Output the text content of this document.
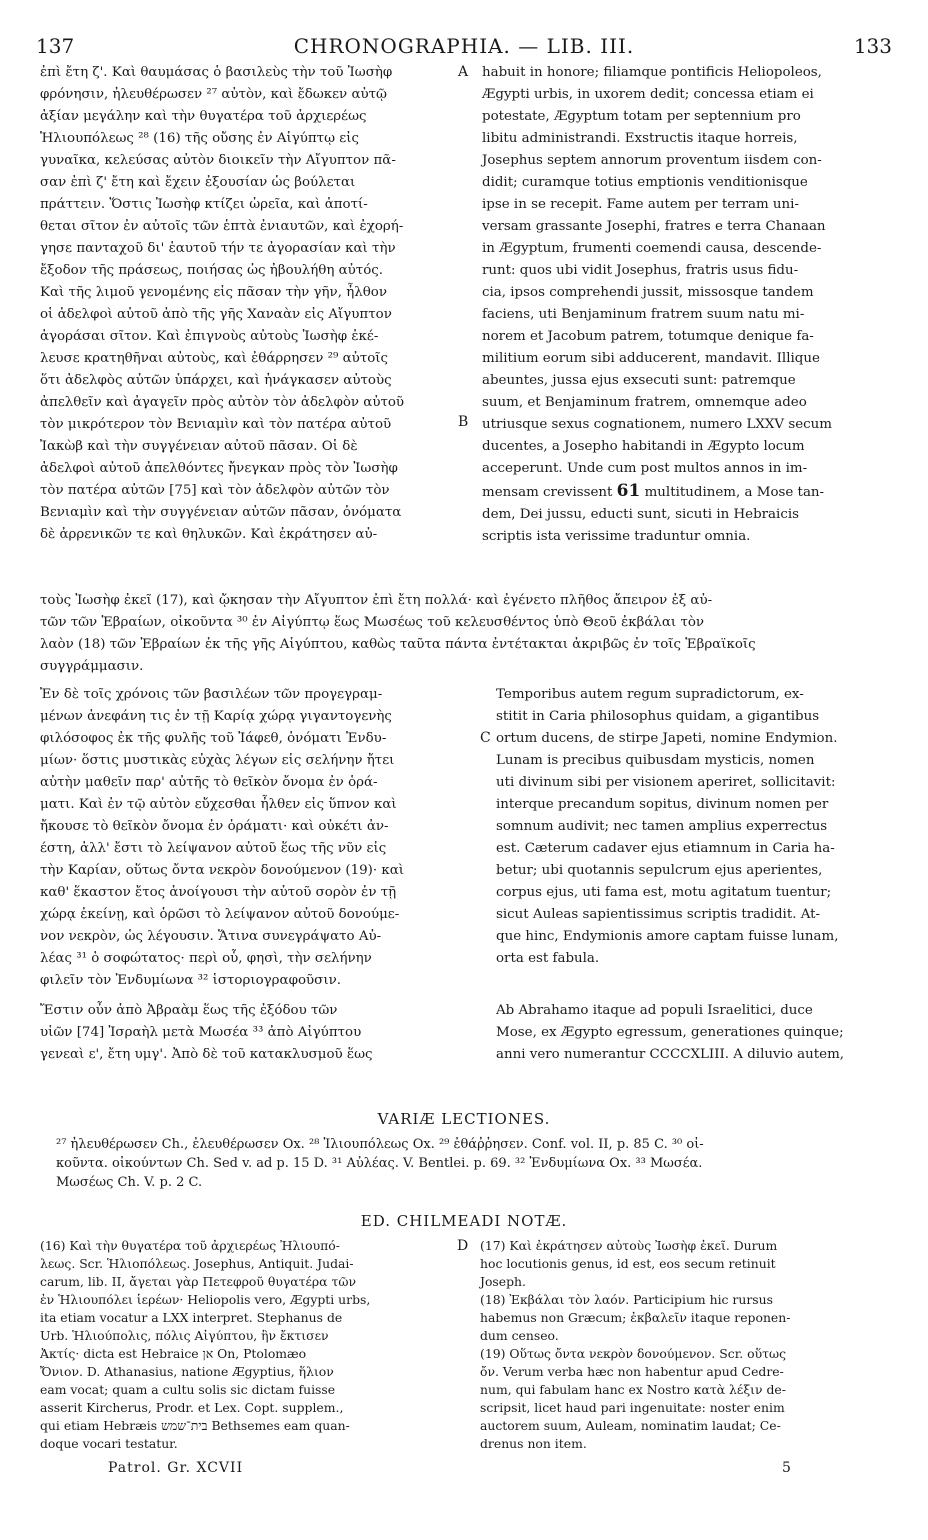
137	CHRONOGRAPHIA. — LIB. III.	133
ἐπὶ ἔτη ζ'. Καὶ θαυμάσας ὁ βασιλεὺς τὴν τοῦ Ἰωσὴφ
φρόνησιν, ἠλευθέρωσεν ²⁷ αὐτὸν, καὶ ἔδωκεν αὐτῷ
ἀξίαν μεγάλην καὶ τὴν θυγατέρα τοῦ ἀρχιερέως
Ἡλιουπόλεως ²⁸ (16) τῆς οὔσης ἐν Αἰγύπτῳ εἰς
γυναῖκα, κελεύσας αὐτὸν διοικεῖν τὴν Αἴγυπτον πᾶ-
σαν ἐπὶ ζ' ἔτη καὶ ἔχειν ἐξουσίαν ὡς βούλεται
πράττειν. Ὅστις Ἰωσὴφ κτίζει ὡρεῖα, καὶ ἀποτί-
θεται σῖτον ἐν αὐτοῖς τῶν ἑπτὰ ἐνιαυτῶν, καὶ ἐχορή-
γησε πανταχοῦ δι' ἑαυτοῦ τήν τε ἀγορασίαν καὶ τὴν
ἔξοδον τῆς πράσεως, ποιήσας ὡς ἠβουλήθη αὐτός.
Καὶ τῆς λιμοῦ γενομένης εἰς πᾶσαν τὴν γῆν, ἦλθον
οἱ ἀδελφοὶ αὐτοῦ ἀπὸ τῆς γῆς Χαναὰν εἰς Αἴγυπτον
ἀγοράσαι σῖτον. Καὶ ἐπιγνοὺς αὐτοὺς Ἰωσὴφ ἐκέ-
λευσε κρατηθῆναι αὐτοὺς, καὶ ἐθάρρησεν ²⁹ αὐτοῖς
ὅτι ἀδελφὸς αὐτῶν ὑπάρχει, καὶ ἠνάγκασεν αὐτοὺς
ἀπελθεῖν καὶ ἀγαγεῖν πρὸς αὐτὸν τὸν ἀδελφὸν αὐτοῦ
τὸν μικρότερον τὸν Βενιαμὶν καὶ τὸν πατέρα αὐτοῦ
Ἰακὼβ καὶ τὴν συγγένειαν αὐτοῦ πᾶσαν. Οἱ δὲ
ἀδελφοὶ αὐτοῦ ἀπελθόντες ἤνεγκαν πρὸς τὸν Ἰωσὴφ
τὸν πατέρα αὐτῶν [75] καὶ τὸν ἀδελφὸν αὐτῶν τὸν
Βενιαμὶν καὶ τὴν συγγένειαν αὐτῶν πᾶσαν, ὀνόματα
δὲ ἀρρενικῶν τε καὶ θηλυκῶν. Καὶ ἐκράτησεν αὐ-
habuit in honore; filiamque pontificis Heliopoleos,
Ægypti urbis, in uxorem dedit; concessa etiam ei
potestate, Ægyptum totam per septennium pro
libitu administrandi. Exstructis itaque horreis,
Josephus septem annorum proventum iisdem con-
didit; curamque totius emptionis venditionisque
ipse in se recepit. Fame autem per terram uni-
versam grassante Josephi, fratres e terra Chanaan
in Ægyptum, frumenti coemendi causa, descende-
runt: quos ubi vidit Josephus, fratris usus fidu-
cia, ipsos comprehendi jussit, missosque tandem
faciens, uti Benjaminum fratrem suum natu mi-
norem et Jacobum patrem, totumque denique fa-
militium eorum sibi adducerent, mandavit. Illique
abeuntes, jussa ejus exsecuti sunt: patremque
suum, et Benjaminum fratrem, omnemque adeo
utriusque sexus cognationem, numero LXXV secum
ducentes, a Josepho habitandi in Ægypto locum
acceperunt. Unde cum post multos annos in im-
mensam crevissent 61 multitudinem, a Mose tan-
dem, Dei jussu, educti sunt, sicuti in Hebraicis
scriptis ista verissime traduntur omnia.
A
B
C
D
τοὺς Ἰωσὴφ ἐκεῖ (17), καὶ ᾤκησαν τὴν Αἴγυπτον ἐπὶ ἔτη πολλά· καὶ ἐγένετο πλῆθος ἄπειρον ἐξ αὐ-
τῶν τῶν Ἑβραίων, οἰκοῦντα ³⁰ ἐν Αἰγύπτῳ ἕως Μωσέως τοῦ κελευσθέντος ὑπὸ Θεοῦ ἐκβάλαι τὸν
λαὸν (18) τῶν Ἑβραίων ἐκ τῆς γῆς Αἰγύπτου, καθὼς ταῦτα πάντα ἐντέτακται ἀκριβῶς ἐν τοῖς Ἑβραϊκοῖς
συγγράμμασιν.
Ἐν δὲ τοῖς χρόνοις τῶν βασιλέων τῶν προγεγραμ-
μένων ἀνεφάνη τις ἐν τῇ Καρίᾳ χώρᾳ γιγαντογενὴς
φιλόσοφος ἐκ τῆς φυλῆς τοῦ Ἰάφεθ, ὀνόματι Ἐνδυ-
μίων· ὅστις μυστικὰς εὐχὰς λέγων εἰς σελήνην ἤτει
αὐτὴν μαθεῖν παρ' αὐτῆς τὸ θεῖκὸν ὄνομα ἐν ὁρά-
ματι. Καὶ ἐν τῷ αὐτὸν εὔχεσθαι ἦλθεν εἰς ὕπνον καὶ
ἤκουσε τὸ θεῖκὸν ὄνομα ἐν ὁράματι· καὶ οὐκέτι ἀν-
έστη, ἀλλ' ἔστι τὸ λείψανον αὐτοῦ ἕως τῆς νῦν εἰς
τὴν Καρίαν, οὕτως ὄντα νεκρὸν δονούμενον (19)· καὶ
καθ' ἕκαστον ἔτος ἀνοίγουσι τὴν αὐτοῦ σορὸν ἐν τῇ
χώρᾳ ἐκείνῃ, καὶ ὁρῶσι τὸ λείψανον αὐτοῦ δονούμε-
νον νεκρὸν, ὡς λέγουσιν. Ἅτινα συνεγράψατο Αὐ-
λέας ³¹ ὁ σοφώτατος· περὶ οὗ, φησὶ, τὴν σελήνην
φιλεῖν τὸν Ἐνδυμίωνα ³² ἱστοριογραφοῦσιν.
Temporibus autem regum supradictorum, ex-
stitit in Caria philosophus quidam, a gigantibus
ortum ducens, de stirpe Japeti, nomine Endymion.
Lunam is precibus quibusdam mysticis, nomen
uti divinum sibi per visionem aperiret, sollicitavit:
interque precandum sopitus, divinum nomen per
somnum audivit; nec tamen amplius experrectus
est. Cæterum cadaver ejus etiamnum in Caria ha-
betur; ubi quotannis sepulcrum ejus aperientes,
corpus ejus, uti fama est, motu agitatum tuentur;
sicut Auleas sapientissimus scriptis tradidit. At-
que hinc, Endymionis amore captam fuisse lunam,
orta est fabula.
Ἔστιν οὖν ἀπὸ Ἀβραὰμ ἕως τῆς ἐξόδου τῶν
υἱῶν [74] Ἰσραὴλ μετὰ Μωσέα ³³ ἀπὸ Αἰγύπτου
γενεαὶ ε', ἔτη υμγ'. Ἀπὸ δὲ τοῦ κατακλυσμοῦ ἕως
Ab Abrahamo itaque ad populi Israelitici, duce
Mose, ex Ægypto egressum, generationes quinque;
anni vero numerantur CCCCXLIII. A diluvio autem,
VARIÆ LECTIONES.
²⁷ ἠλευθέρωσεν Ch., ἐλευθέρωσεν Ox. ²⁸ Ἰλιουπόλεως Ox. ²⁹ ἐθάῤῥησεν. Conf. vol. II, p. 85 C. ³⁰ οἰ-
κοῦντα. οἰκούντων Ch. Sed v. ad p. 15 D. ³¹ Αὐλέας. V. Bentlei. p. 69. ³² Ἐνδυμίωνα Ox. ³³ Μωσέα.
Μωσέως Ch. V. p. 2 C.
ED. CHILMEADI NOTÆ.
(16) Καὶ τὴν θυγατέρα τοῦ ἀρχιερέως Ἠλιουπό-
λεως. Scr. Ἡλιοπόλεως. Josephus, Antiquit. Judai-
carum, lib. II, ἄγεται γὰρ Πετεφροῦ θυγατέρα τῶν
ἐν Ἡλιουπόλει ἱερέων· Heliopolis vero, Ægypti urbs,
ita etiam vocatur a LXX interpret. Stephanus de
Urb. Ἡλιούπολις, πόλις Αἰγύπτου, ἣν ἔκτισεν
Ἀκτίς· dicta est Hebraice אן On, Ptolomæo
Ὄνιον. D. Athanasius, natione Ægyptius, ἥλιον
eam vocat; quam a cultu solis sic dictam fuisse
asserit Kircherus, Prodr. et Lex. Copt. supplem.,
qui etiam Hebræis בית־שמש Bethsemes eam quan-
doque vocari testatur.
(17) Καὶ ἐκράτησεν αὐτοὺς Ἰωσὴφ ἐκεῖ. Durum
hoc locutionis genus, id est, eos secum retinuit
Joseph.
(18) Ἐκβάλαι τὸν λαόν. Participium hic rursus
habemus non Græcum; ἐκβαλεῖν itaque reponen-
dum censeo.
(19) Οὕτως ὄντα νεκρὸν δονούμενον. Scr. οὕτως
ὄν. Verum verba hæc non habentur apud Cedre-
num, qui fabulam hanc ex Nostro κατὰ λέξιν de-
scripsit, licet haud pari ingenuitate: noster enim
auctorem suum, Auleam, nominatim laudat; Ce-
drenus non item.
Patrol. Gr. XCVII	5
